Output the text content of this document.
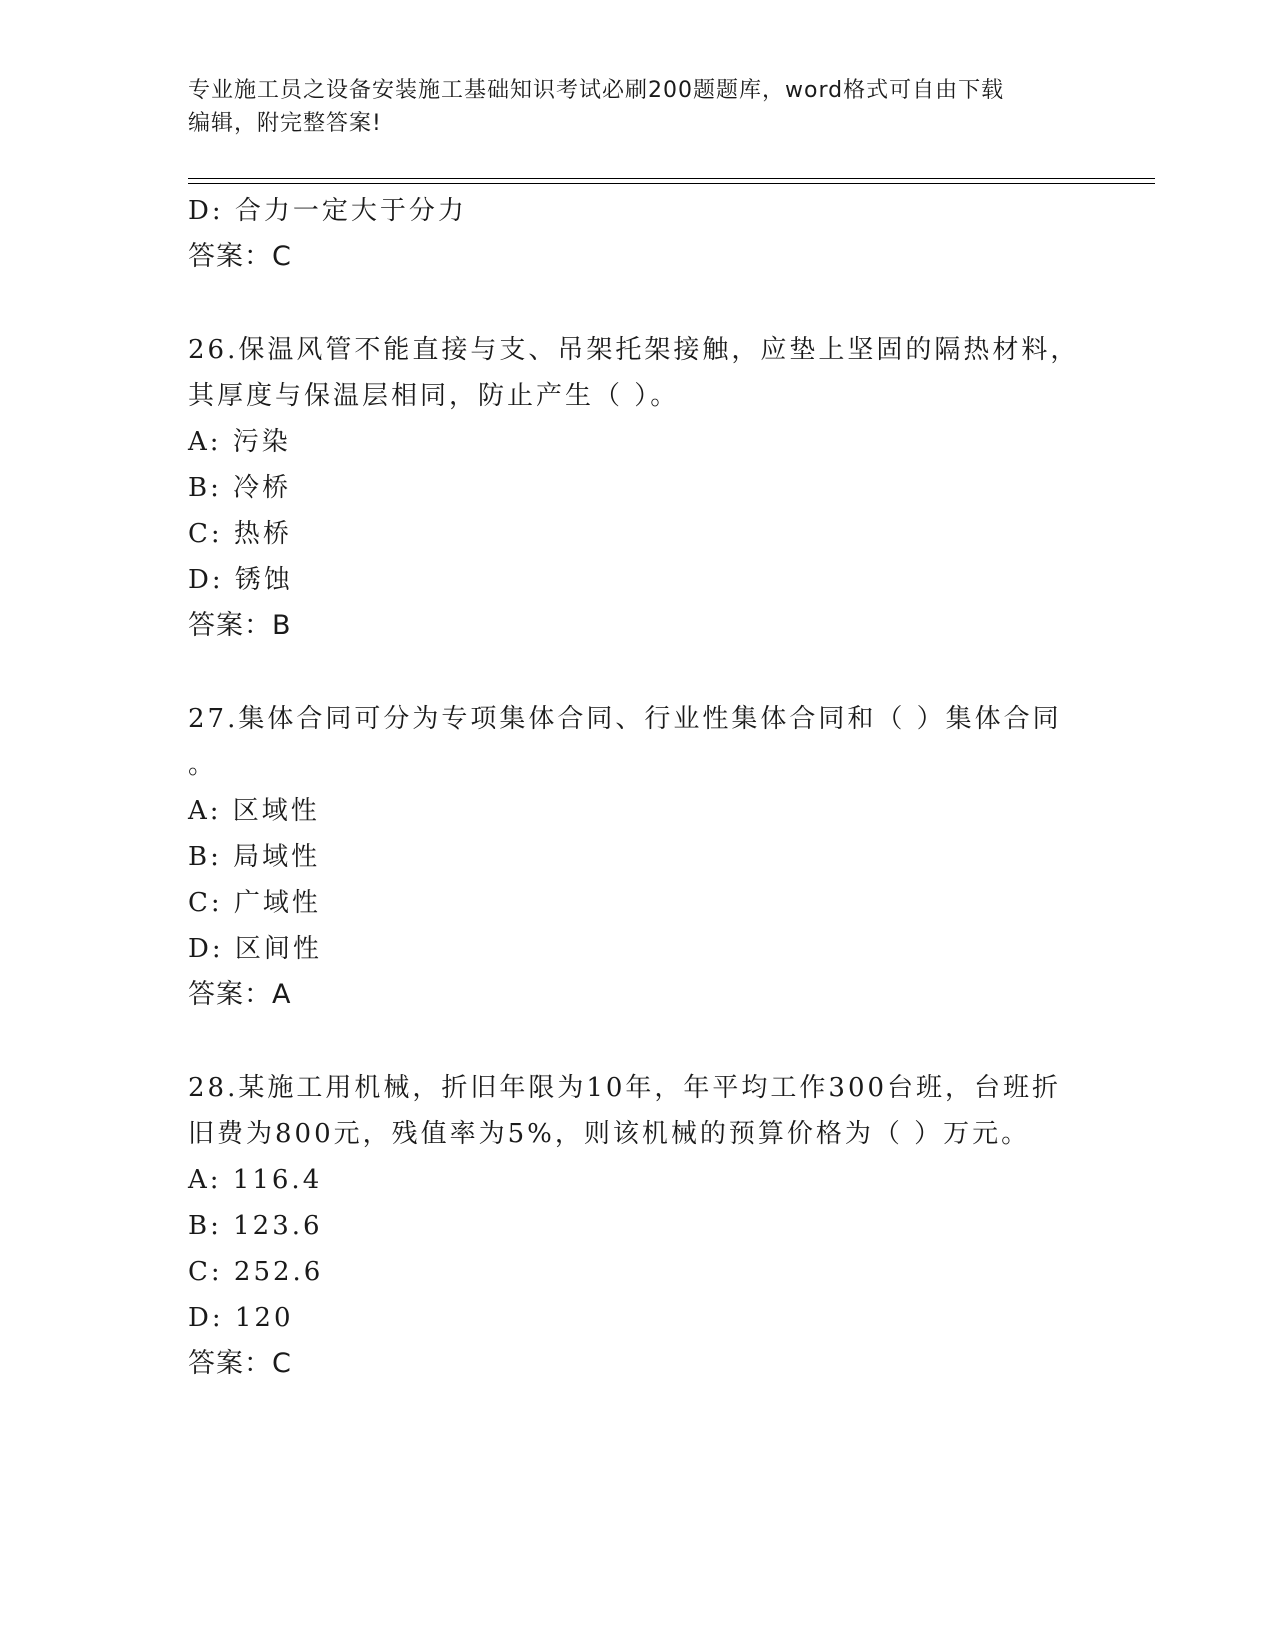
专业施工员之设备安装施工基础知识考试必刷200题题库，word格式可自由下载
编辑，附完整答案!
D: 合力一定大于分力
答案：C
26.保温风管不能直接与支、吊架托架接触，应垫上坚固的隔热材料，
其厚度与保温层相同，防止产生（ ）。
A: 污染
B: 冷桥
C: 热桥
D: 锈蚀
答案：B
27.集体合同可分为专项集体合同、行业性集体合同和（ ）集体合同
。
A: 区域性
B: 局域性
C: 广域性
D: 区间性
答案：A
28.某施工用机械，折旧年限为10年，年平均工作300台班，台班折
旧费为800元，残值率为5%，则该机械的预算价格为（ ）万元。
A: 116.4
B: 123.6
C: 252.6
D: 120
答案：C
